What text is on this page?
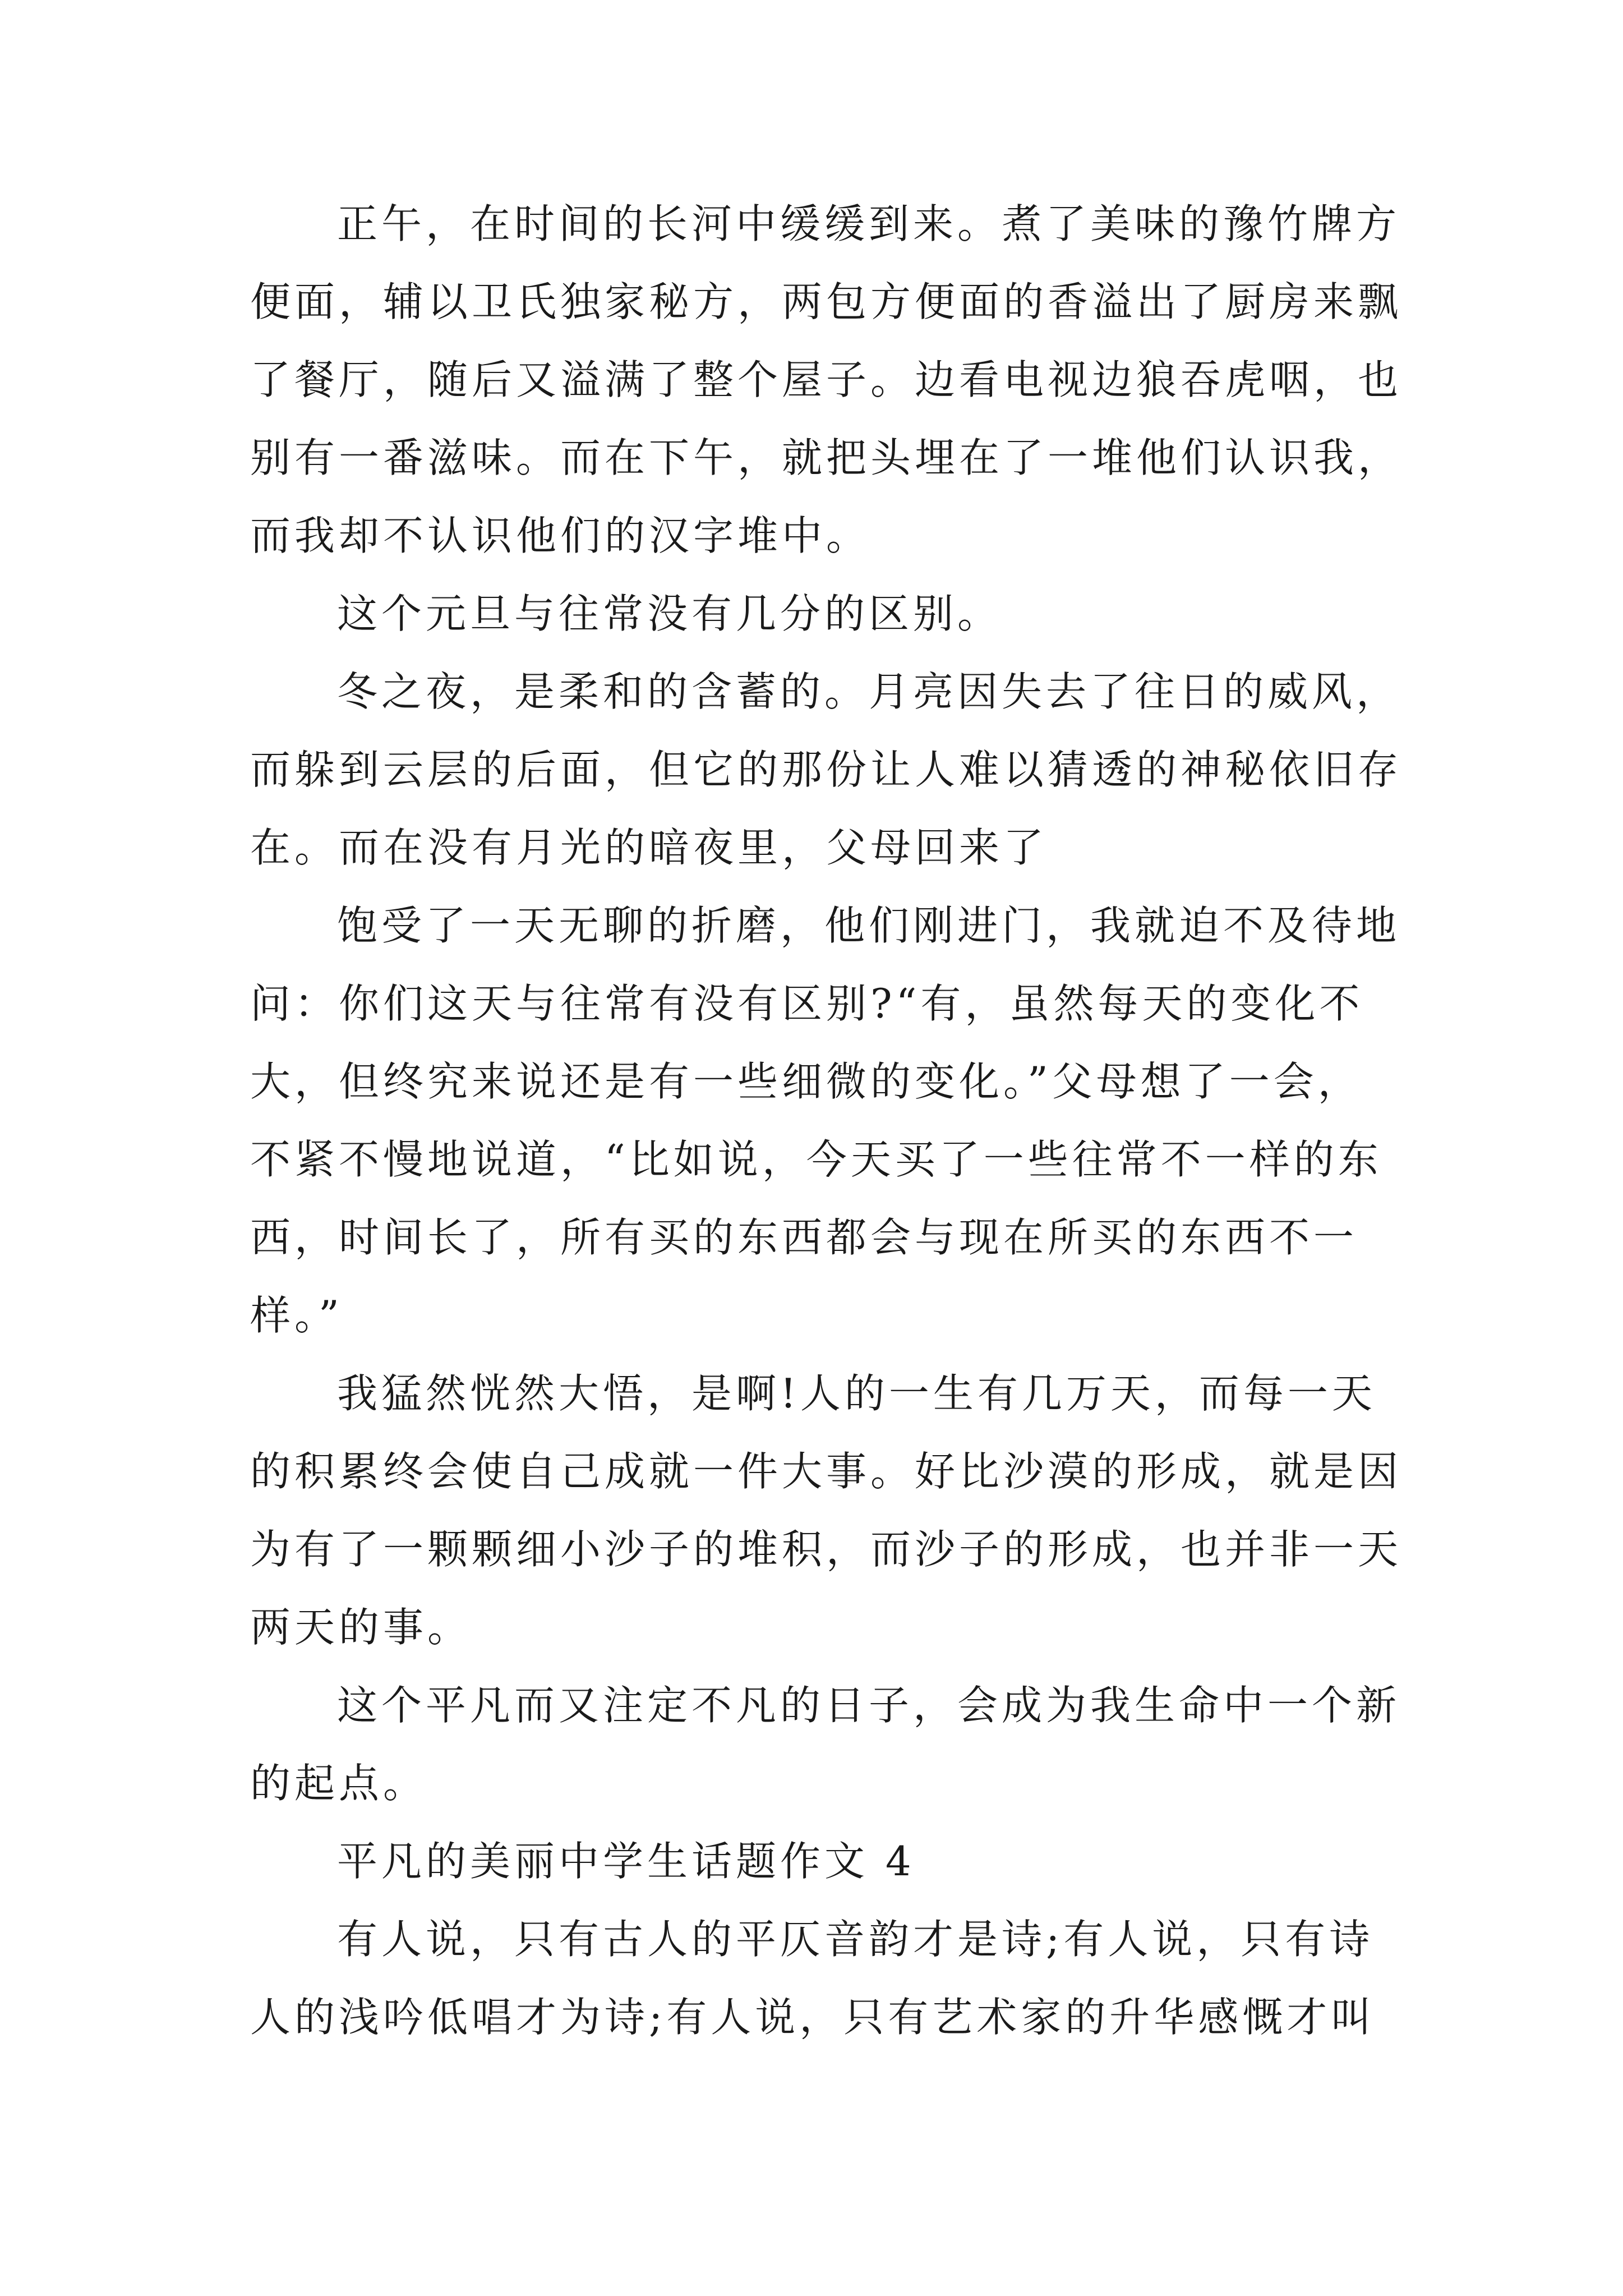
正午，在时间的长河中缓缓到来。煮了美味的豫竹牌方
便面，辅以卫氏独家秘方，两包方便面的香溢出了厨房来飘
了餐厅，随后又溢满了整个屋子。边看电视边狼吞虎咽，也
别有一番滋味。而在下午，就把头埋在了一堆他们认识我，
而我却不认识他们的汉字堆中。
这个元旦与往常没有几分的区别。
冬之夜，是柔和的含蓄的。月亮因失去了往日的威风，
而躲到云层的后面，但它的那份让人难以猜透的神秘依旧存
在。而在没有月光的暗夜里，父母回来了
饱受了一天无聊的折磨，他们刚进门，我就迫不及待地
问：你们这天与往常有没有区别?“有，虽然每天的变化不
大，但终究来说还是有一些细微的变化。”父母想了一会，
不紧不慢地说道，“比如说，今天买了一些往常不一样的东
西，时间长了，所有买的东西都会与现在所买的东西不一
样。”
我猛然恍然大悟，是啊!人的一生有几万天，而每一天
的积累终会使自己成就一件大事。好比沙漠的形成，就是因
为有了一颗颗细小沙子的堆积，而沙子的形成，也并非一天
两天的事。
这个平凡而又注定不凡的日子，会成为我生命中一个新
的起点。
平凡的美丽中学生话题作文 4
有人说，只有古人的平仄音韵才是诗;有人说，只有诗
人的浅吟低唱才为诗;有人说，只有艺术家的升华感慨才叫
